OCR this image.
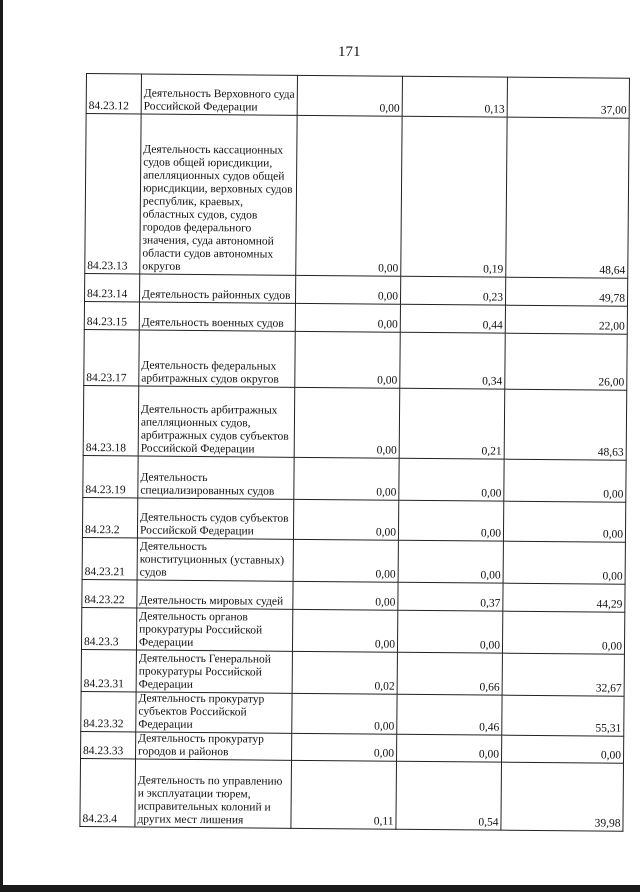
171
84.23.12	Деятельность Верховного суда Российской Федерации	0,00	0,13	37,00
84.23.13	Деятельность кассационных судов общей юрисдикции, апелляционных судов общей юрисдикции, верховных судов республик, краевых, областных судов, судов городов федерального значения, суда автономной области судов автономных округов	0,00	0,19	48,64
84.23.14	Деятельность районных судов	0,00	0,23	49,78
84.23.15	Деятельность военных судов	0,00	0,44	22,00
84.23.17	Деятельность федеральных арбитражных судов округов	0,00	0,34	26,00
84.23.18	Деятельность арбитражных апелляционных судов, арбитражных судов субъектов Российской Федерации	0,00	0,21	48,63
84.23.19	Деятельность специализированных судов	0,00	0,00	0,00
84.23.2	Деятельность судов субъектов Российской Федерации	0,00	0,00	0,00
84.23.21	Деятельность конституционных (уставных) судов	0,00	0,00	0,00
84.23.22	Деятельность мировых судей	0,00	0,37	44,29
84.23.3	Деятельность органов прокуратуры Российской Федерации	0,00	0,00	0,00
84.23.31	Деятельность Генеральной прокуратуры Российской Федерации	0,02	0,66	32,67
84.23.32	Деятельность прокуратур субъектов Российской Федерации	0,00	0,46	55,31
84.23.33	Деятельность прокуратур городов и районов	0,00	0,00	0,00
84.23.4	Деятельность по управлению и эксплуатации тюрем, исправительных колоний и других мест лишения	0,11	0,54	39,98
